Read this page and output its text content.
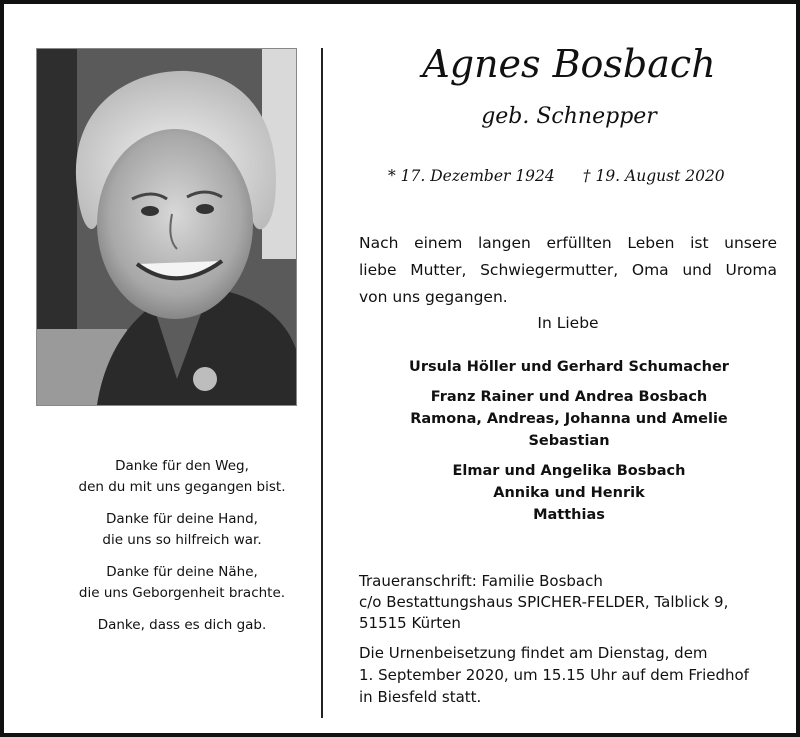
Danke für den Weg,
den du mit uns gegangen bist.
Danke für deine Hand,
die uns so hilfreich war.
Danke für deine Nähe,
die uns Geborgenheit brachte.
Danke, dass es dich gab.
Agnes Bosbach
geb. Schnepper
* 17. Dezember 1924 † 19. August 2020
Nach einem langen erfüllten Leben ist unsere
liebe Mutter, Schwiegermutter, Oma und Uroma
von uns gegangen.
In Liebe
Ursula Höller und Gerhard Schumacher
Franz Rainer und Andrea Bosbach
Ramona, Andreas, Johanna und Amelie
Sebastian
Elmar und Angelika Bosbach
Annika und Henrik
Matthias
Traueranschrift: Familie Bosbach
c/o Bestattungshaus SPICHER-FELDER, Talblick 9,
51515 Kürten
Die Urnenbeisetzung findet am Dienstag, dem
1. September 2020, um 15.15 Uhr auf dem Friedhof
in Biesfeld statt.
